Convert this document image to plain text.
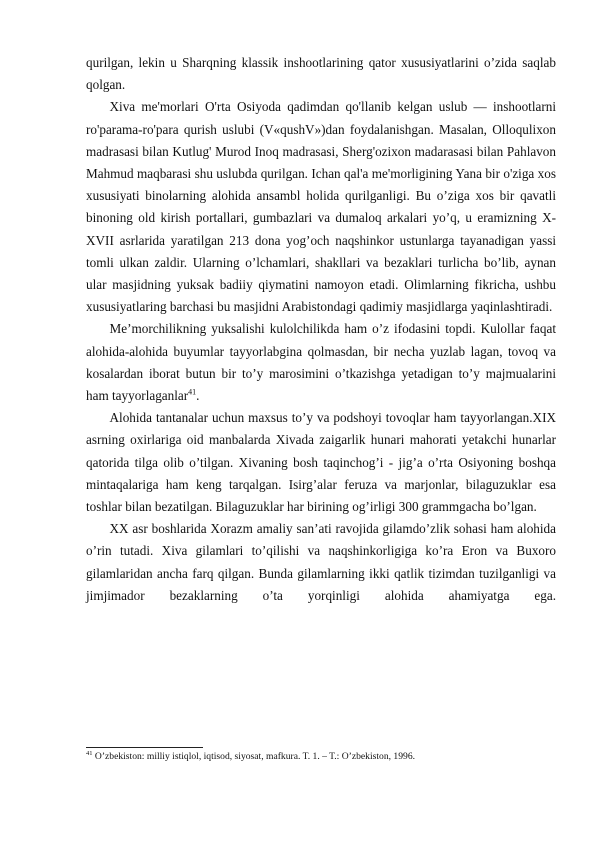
qurilgan, lekin u Sharqning klassik inshootlarining qator xususiyatlarini o’zida saqlab qolgan.

Xiva me'morlari O'rta Osiyoda qadimdan qo'llanib kelgan uslub — inshootlarni ro'parama-ro'para qurish uslubi (V«qushV»)dan foydalanishgan. Masalan, Olloqulixon madrasasi bilan Kutlug' Murod Inoq madrasasi, Sherg'ozixon madarasasi bilan Pahlavon Mahmud maqbarasi shu uslubda qurilgan. Ichan qal'a me'morligining Yana bir o'ziga xos xususiyati binolarning alohida ansambl holida qurilganligi. Bu o’ziga xos bir qavatli binoning old kirish portallari, gumbazlari va dumaloq arkalari yo’q, u eramizning X- XVII asrlarida yaratilgan 213 dona yog’och naqshinkor ustunlarga tayanadigan yassi tomli ulkan zaldir. Ularning o’lchamlari, shakllari va bezaklari turlicha bo’lib, aynan ular masjidning yuksak badiiy qiymatini namoyon etadi. Olimlarning fikricha, ushbu xususiyatlaring barchasi bu masjidni Arabistondagi qadimiy masjidlarga yaqinlashtiradi.

Me’morchilikning yuksalishi kulolchilikda ham o’z ifodasini topdi. Kulollar faqat alohida-alohida buyumlar tayyorlabgina qolmasdan, bir necha yuzlab lagan, tovoq va kosalardan iborat butun bir to’y marosimini o’tkazishga yetadigan to’y majmualarini ham tayyorlaganlar$^{41}$.

Alohida tantanalar uchun maxsus to’y va podshoyi tovoqlar ham tayyorlangan.XIX asrning oxirlariga oid manbalarda Xivada zaigarlik hunari mahorati yetakchi hunarlar qatorida tilga olib o’tilgan. Xivaning bosh taqinchog’i - jig’a o’rta Osiyoning boshqa mintaqalariga ham keng tarqalgan. Isirg’alar feruza va marjonlar, bilaguzuklar esa toshlar bilan bezatilgan. Bilaguzuklar har birining og’irligi 300 grammgacha bo’lgan.

XX asr boshlarida Xorazm amaliy san’ati ravojida gilamdo’zlik sohasi ham alohida o’rin tutadi. Xiva gilamlari to’qilishi va naqshinkorligiga ko’ra Eron va Buxoro gilamlaridan ancha farq qilgan. Bunda gilamlarning ikki qatlik tizimdan tuzilganligi va jimjimador bezaklarning o’ta yorqinligi alohida ahamiyatga ega.

$^{41}$ O’zbekiston: milliy istiqlol, iqtisod, siyosat, mafkura. T. 1. – T.: O’zbekiston, 1996.
